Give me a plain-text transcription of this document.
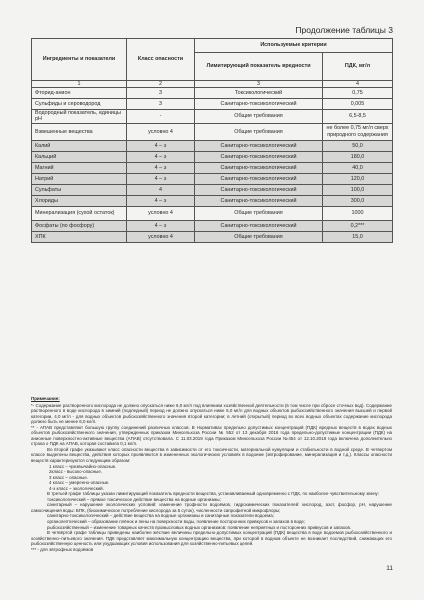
Продолжение таблицы 3
Ингредиенты и показатели	Класс опасности	Используемые критерии	
		Лимитирующий показатель вредности	ПДК, мг/л
1	2	3	4
Фторид-анион	3	Токсикологический	0,75
Сульфиды и сероводород	3	Санитарно-токсикологический	0,005
Водородный показатель, единицы рН	-	Общие требования	6,5-8,5
Взвешенные вещества	условно 4	Общие требования	не более 0,75 мг/л сверх природного содержания
Калий	4 – э	Санитарно-токсикологический	50,0
Кальций	4 – э	Санитарно-токсикологический	180,0
Магний	4 – э	Санитарно-токсикологический	40,0
Натрий	4 – э	Санитарно-токсикологический	120,0
Сульфаты	4	Санитарно-токсикологический	100,0
Хлориды	4 – э	Санитарно-токсикологический	300,0
Минерализация (сухой остаток)	условно 4	Общие требования	1000
Фосфаты (по фосфору)	4 – э	Санитарно-токсикологический	0,2***
ХПК	условно 4	Общие требования	15,0

Примечание:

*- Содержание растворенного кислорода не должно опускаться ниже 6,0 мг/л под влиянием хозяйственной деятельности (в том числе при сбросе сточных вод). Содержание растворенного в воде кислорода в зимний (подледный) период не должно опускаться ниже 6,0 мг/л для водных объектов рыбохозяйственного значения высшей и первой категории, 4,0 мг/л - для водных объектов рыбохозяйственного значения второй категории; в летний (открытый) период во всех водных объектах содержание кислорода должно быть не менее 6,0 мг/л.

** - АПАВ представляют большую группу соединений различных классов. В Нормативах предельно допустимых концентраций (ПДК) вредных веществ в водах водных объектов рыбохозяйственного значения, утвержденных приказом Минсельхоза России № 552 от 13 декабря 2016 года предельно-допустимые концентрации (ПДК) на анионные поверхностно-активные вещества (АПАВ) отсутствовала. С 11.03.2019 года Приказом Минсельхоза России №454 от 12.10.2018 года включена дополнительно строка о ПДК на АПАВ, которая составила 0,1 мг/л.

Во второй графе указывают класс опасности вещества в зависимости от его токсичности, материальной кумуляции и стабильности в водной среде. В четвертом классе выделены вещества, действия которых проявляются в измененных экологических условиях в водоеме (эвтрофирование, минерализация и т.д.). Классы опасности веществ характеризуются следующим образом:

1 класс – чрезвычайно-опасные.

2класс - высоко-опасные.

3 класс – опасные.

4 класс – умеренно-опасные.

4-э класс – экологический.

В третьей графе таблицы указан лимитирующий показатель вредности вещества, устанавливаемый одновременно с ПДК, по наиболее чувствительному звену:

токсикологический – прямое токсическое действие вещества на водные организмы;

санитарный – нарушение экологических условий: изменение трофности водоёмов, гидрохимических показателей: кислород, азот, фосфор, рН, нарушение самоочищения воды: БПК, (биохимическое потребление кислорода за 5 суток), численности сапрофитной микрофлоры;

санитарно-токсикологический – действие вещества на водные организмы и санитарные показатели водоема;

органолептический – образование плёнок и пены на поверхности воды, появление посторонних привкусов и запахов в воде;

рыбохозяйственный – изменение товарных качеств промысловых водных организмов: появление неприятных и посторонних привкусов и запахов.

В четвёртой графе таблицы приведены наиболее жёсткие величины предельно-допустимых концентраций (ПДК) вещества в воде водоемов рыбохозяйственного и хозяйственно–питьевого значения. ПДК представляет максимальную концентрацию вещества, при которой в водном объекте не возникает последствий, снижающих его рыбохозяйственную ценность или ухудшающих условия использования для хозяйственно-питьевых целей.

*** - для эвтрофных водоёмов

11
